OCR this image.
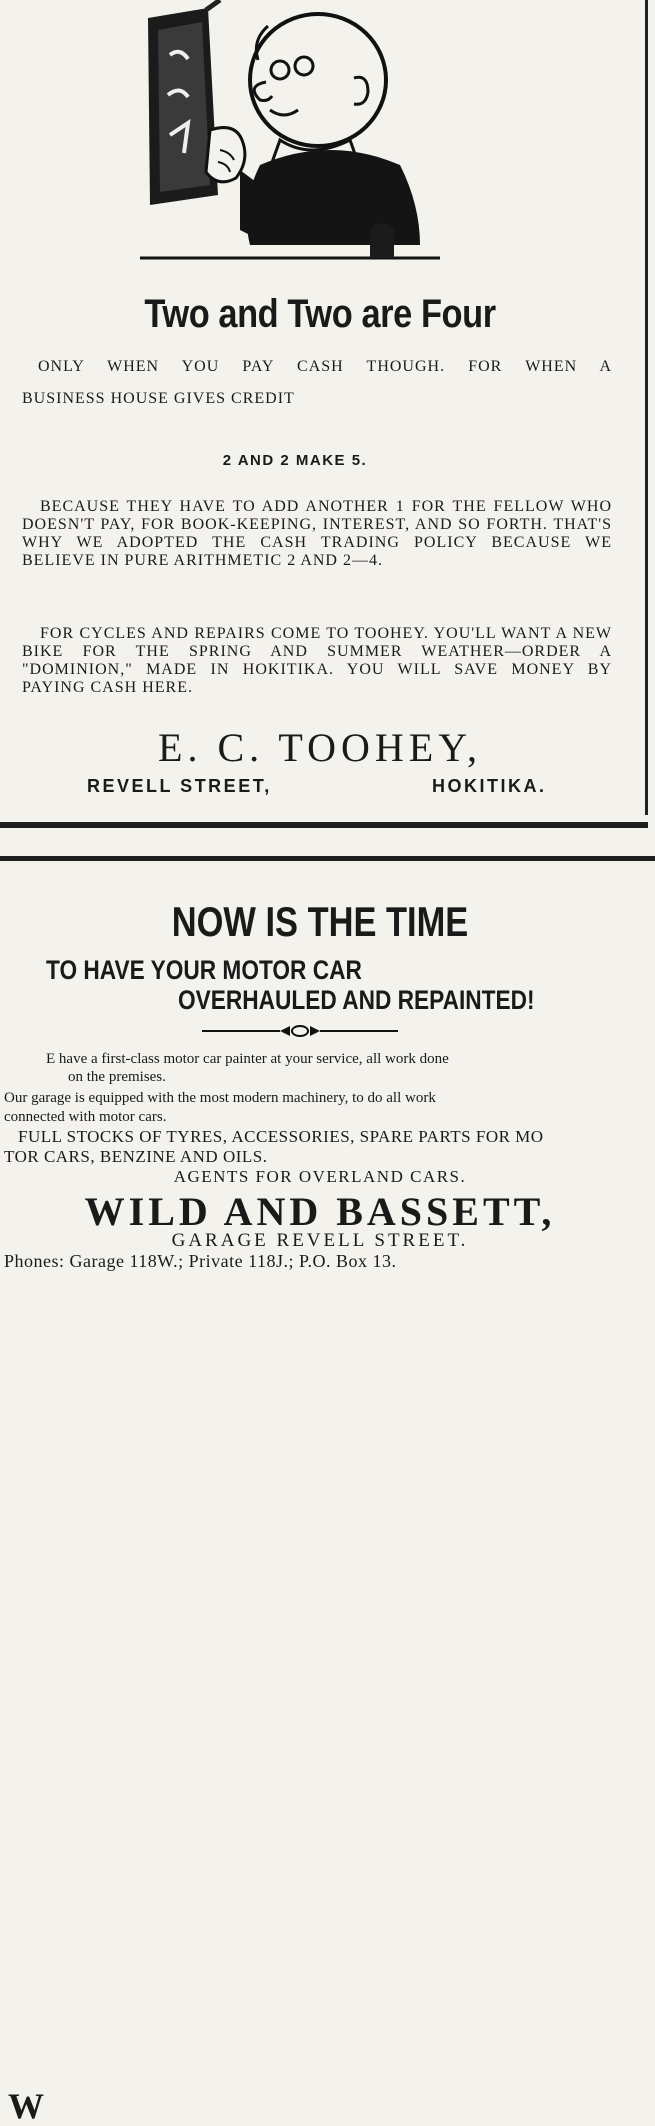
Two and Two are Four
ONLY WHEN YOU PAY CASH THOUGH. FOR WHEN A
BUSINESS HOUSE GIVES CREDIT
2 AND 2 MAKE 5.
BECAUSE THEY HAVE TO ADD ANOTHER 1 FOR THE FELLOW WHO DOESN'T PAY, FOR BOOK-KEEPING, INTEREST, AND SO FORTH. THAT'S WHY WE ADOPTED THE CASH TRADING POLICY BECAUSE WE BELIEVE IN PURE ARITHMETIC 2 AND 2—4.
FOR CYCLES AND REPAIRS COME TO TOOHEY. YOU'LL WANT A NEW BIKE FOR THE SPRING AND SUMMER WEATHER—ORDER A "DOMINION," MADE IN HOKITIKA. YOU WILL SAVE MONEY BY PAYING CASH HERE.
E. C. TOOHEY,
REVELL STREET,	HOKITIKA.
NOW IS THE TIME
TO HAVE YOUR MOTOR CAR
OVERHAULED AND REPAINTED!
W
E have a first-class motor car painter at your service, all work done
on the premises.
Our garage is equipped with the most modern machinery, to do all work
connected with motor cars.
FULL STOCKS OF TYRES, ACCESSORIES, SPARE PARTS FOR MO
TOR CARS, BENZINE AND OILS.
AGENTS FOR OVERLAND CARS.
WILD AND BASSETT,
GARAGE REVELL STREET.
Phones: Garage 118W.; Private 118J.; P.O. Box 13.
